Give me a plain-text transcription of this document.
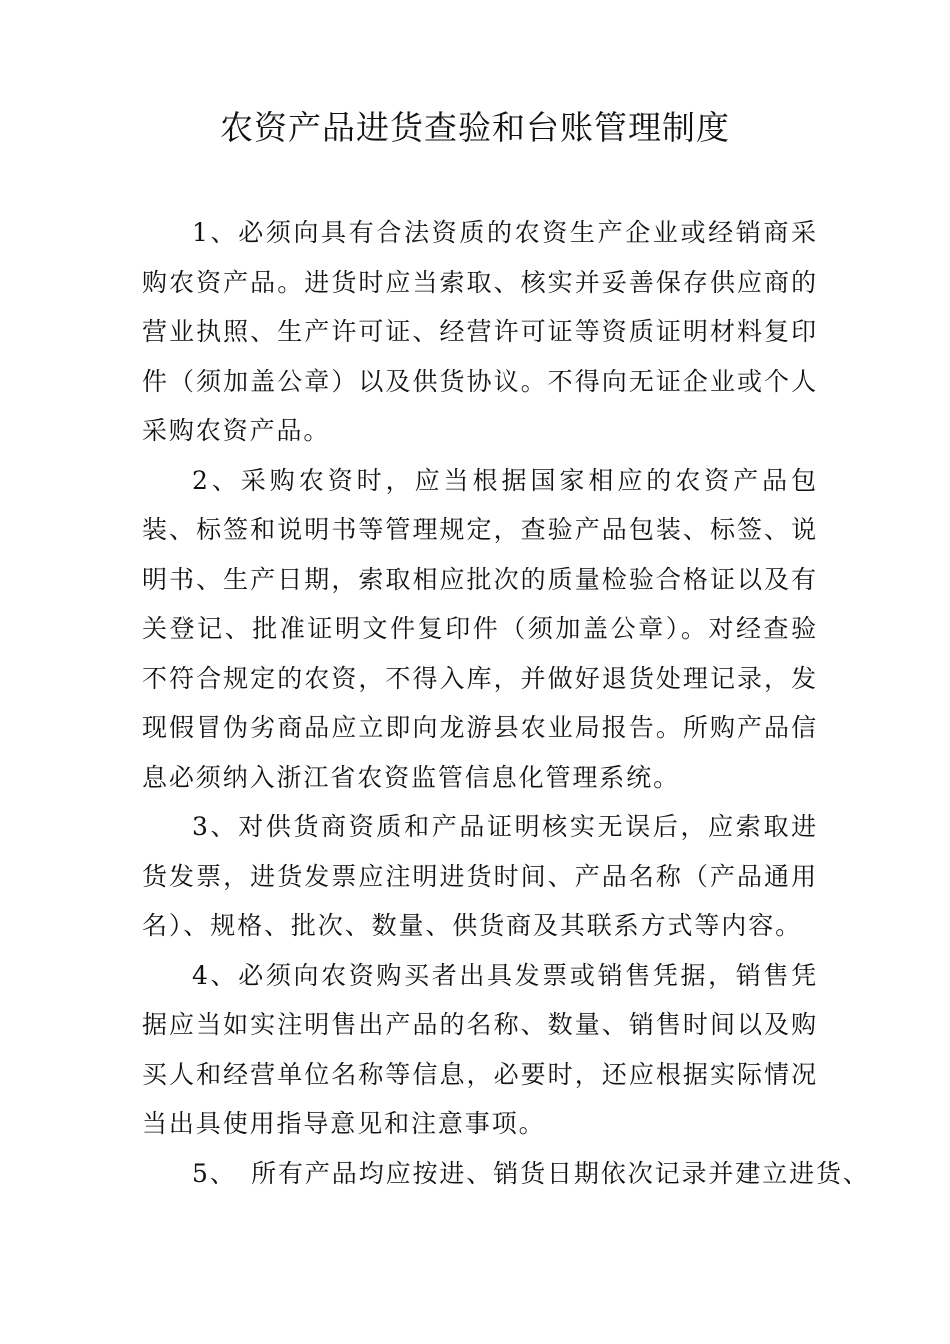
农资产品进货查验和台账管理制度

1、必须向具有合法资质的农资生产企业或经销商采购农资产品。进货时应当索取、核实并妥善保存供应商的营业执照、生产许可证、经营许可证等资质证明材料复印件（须加盖公章）以及供货协议。不得向无证企业或个人采购农资产品。

2、采购农资时，应当根据国家相应的农资产品包装、标签和说明书等管理规定，查验产品包装、标签、说明书、生产日期，索取相应批次的质量检验合格证以及有关登记、批准证明文件复印件（须加盖公章）。对经查验不符合规定的农资，不得入库，并做好退货处理记录，发现假冒伪劣商品应立即向龙游县农业局报告。所购产品信息必须纳入浙江省农资监管信息化管理系统。

3、对供货商资质和产品证明核实无误后，应索取进货发票，进货发票应注明进货时间、产品名称（产品通用名）、规格、批次、数量、供货商及其联系方式等内容。

4、必须向农资购买者出具发票或销售凭据，销售凭据应当如实注明售出产品的名称、数量、销售时间以及购买人和经营单位名称等信息，必要时，还应根据实际情况当出具使用指导意见和注意事项。

5、　所有产品均应按进、销货日期依次记录并建立进货、
